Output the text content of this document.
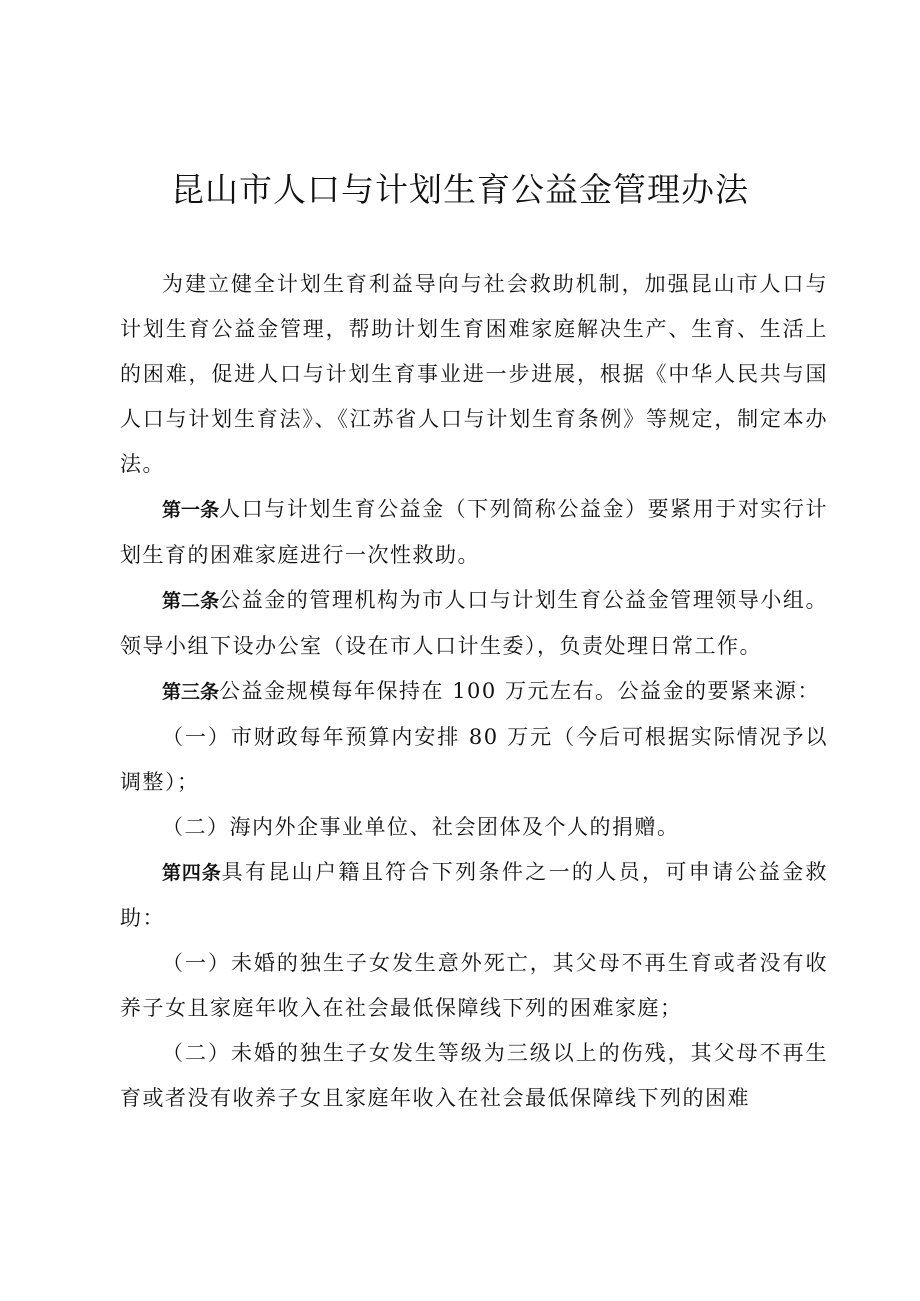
昆山市人口与计划生育公益金管理办法

为建立健全计划生育利益导向与社会救助机制，加强昆山市人口与计划生育公益金管理，帮助计划生育困难家庭解决生产、生育、生活上的困难，促进人口与计划生育事业进一步进展，根据《中华人民共与国人口与计划生育法》、《江苏省人口与计划生育条例》等规定，制定本办法。

第一条人口与计划生育公益金（下列简称公益金）要紧用于对实行计划生育的困难家庭进行一次性救助。

第二条公益金的管理机构为市人口与计划生育公益金管理领导小组。领导小组下设办公室（设在市人口计生委），负责处理日常工作。

第三条公益金规模每年保持在 100 万元左右。公益金的要紧来源：

（一）市财政每年预算内安排 80 万元（今后可根据实际情况予以调整）；

（二）海内外企事业单位、社会团体及个人的捐赠。

第四条具有昆山户籍且符合下列条件之一的人员，可申请公益金救助：

（一）未婚的独生子女发生意外死亡，其父母不再生育或者没有收养子女且家庭年收入在社会最低保障线下列的困难家庭；

（二）未婚的独生子女发生等级为三级以上的伤残，其父母不再生育或者没有收养子女且家庭年收入在社会最低保障线下列的困难
